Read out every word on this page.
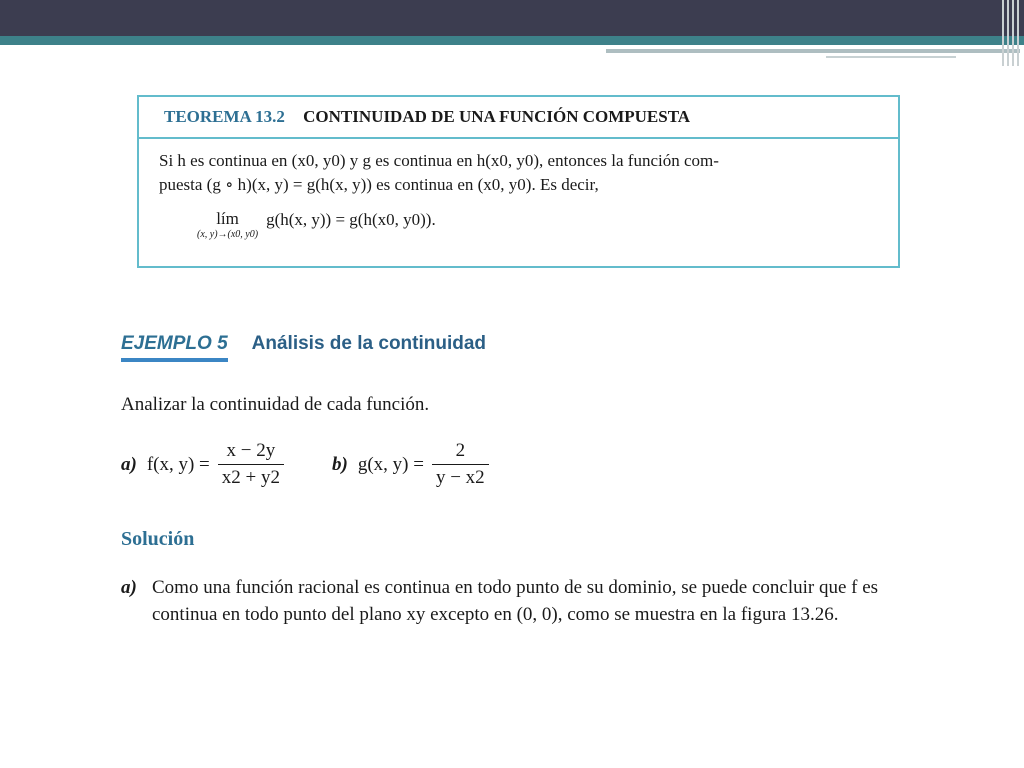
TEOREMA 13.2 CONTINUIDAD DE UNA FUNCIÓN COMPUESTA
Si h es continua en (x0, y0) y g es continua en h(x0, y0), entonces la función com-
puesta (g ∘ h)(x, y) = g(h(x, y)) es continua en (x0, y0). Es decir,
lím
(x, y)→(x0, y0)
g(h(x, y)) = g(h(x0, y0)).
EJEMPLO 5 Análisis de la continuidad
Analizar la continuidad de cada función.
a) f(x, $y) = \frac{x - 2y}{x2 + y2}$	b) g(x, $y) = \frac{2}{y - x2}$
Solución
a) Como una función racional es continua en todo punto de su dominio, se puede concluir que f es continua en todo punto del plano xy excepto en (0, 0), como se muestra en la figura 13.26.
